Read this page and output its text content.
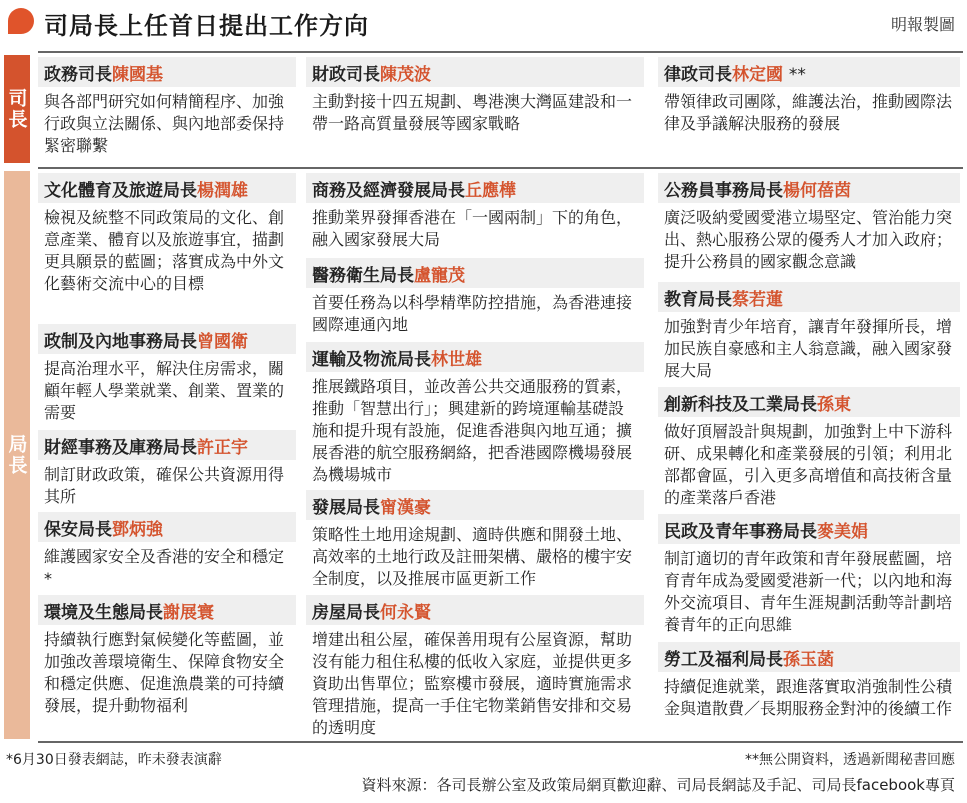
司局長上任首日提出工作方向	明報製圖
司長
局長
政務司長陳國基
與各部門研究如何精簡程序、加強行政與立法關係、與內地部委保持緊密聯繫
財政司長陳茂波
主動對接十四五規劃、粵港澳大灣區建設和一帶一路高質量發展等國家戰略
律政司長林定國 **
帶領律政司團隊，維護法治，推動國際法律及爭議解決服務的發展
文化體育及旅遊局長楊潤雄
檢視及統整不同政策局的文化、創意產業、體育以及旅遊事宜，描劃更具願景的藍圖；落實成為中外文化藝術交流中心的目標
政制及內地事務局長曾國衛
提高治理水平，解決住房需求，關顧年輕人學業就業、創業、置業的需要
財經事務及庫務局長許正宇
制訂財政政策，確保公共資源用得其所
保安局長鄧炳強
維護國家安全及香港的安全和穩定*
環境及生態局長謝展寰
持續執行應對氣候變化等藍圖，並加強改善環境衛生、保障食物安全和穩定供應、促進漁農業的可持續發展，提升動物福利
商務及經濟發展局長丘應樺
推動業界發揮香港在「一國兩制」下的角色，融入國家發展大局
醫務衛生局長盧寵茂
首要任務為以科學精準防控措施，為香港連接國際連通內地
運輸及物流局長林世雄
推展鐵路項目，並改善公共交通服務的質素，推動「智慧出行」；興建新的跨境運輸基礎設施和提升現有設施，促進香港與內地互通；擴展香港的航空服務網絡，把香港國際機場發展為機場城市
發展局長甯漢豪
策略性土地用途規劃、適時供應和開發土地、高效率的土地行政及註冊架構、嚴格的樓宇安全制度，以及推展市區更新工作
房屋局長何永賢
增建出租公屋，確保善用現有公屋資源，幫助沒有能力租住私樓的低收入家庭，並提供更多資助出售單位；監察樓市發展，適時實施需求管理措施，提高一手住宅物業銷售安排和交易的透明度
公務員事務局長楊何蓓茵
廣泛吸納愛國愛港立場堅定、管治能力突出、熱心服務公眾的優秀人才加入政府；提升公務員的國家觀念意識
教育局長蔡若蓮
加強對青少年培育，讓青年發揮所長，增加民族自豪感和主人翁意識，融入國家發展大局
創新科技及工業局長孫東
做好頂層設計與規劃，加強對上中下游科研、成果轉化和產業發展的引領；利用北部都會區，引入更多高增值和高技術含量的產業落戶香港
民政及青年事務局長麥美娟
制訂適切的青年政策和青年發展藍圖，培育青年成為愛國愛港新一代；以內地和海外交流項目、青年生涯規劃活動等計劃培養青年的正向思維
勞工及福利局長孫玉菡
持續促進就業，跟進落實取消強制性公積金與遣散費／長期服務金對沖的後續工作
*6月30日發表網誌，昨未發表演辭	**無公開資料，透過新聞秘書回應
資料來源：各司長辦公室及政策局網頁歡迎辭、司局長網誌及手記、司局長facebook專頁
